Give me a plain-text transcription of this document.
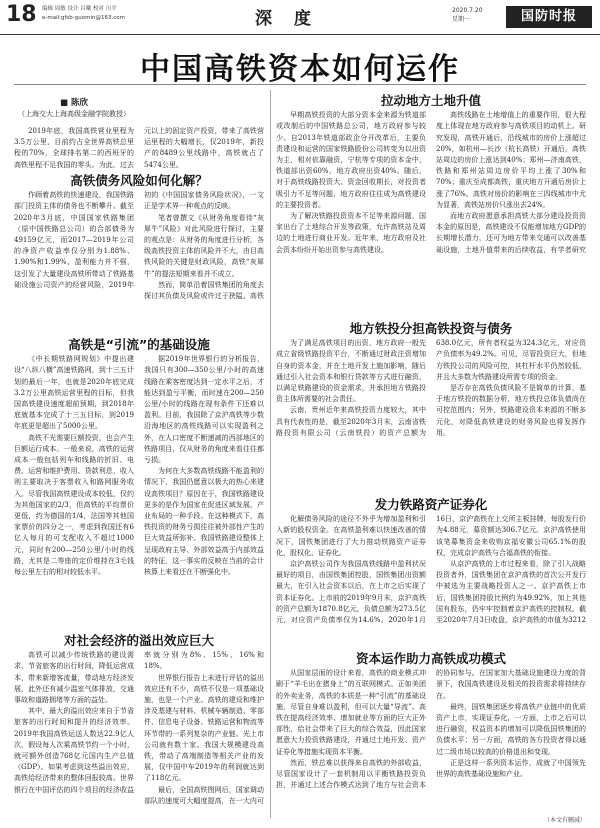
18 编辑 周敏 设计 吕曦 校对 川平
e-mail:gfsb-guomin@163.com	深 度	2020.7.20
星期一	国防时报
中国高铁资本如何运作
■ 陈欣
（上海交大上海高级金融学院教授）

2019年底，我国高铁营业里程为3.5万公里，目前约占全世界高铁总里程的70%，全球排名第二的西班牙的高铁里程不足我国的零头。为此，过去 元以上的固定资产投资，带来了高铁营运里程的大幅增长，仅2019年，新投产的8489公里线路中，高铁就占了5474公里。

高铁债务风险如何化解？

作顾着高铁的快速建设，我国铁路部门投资主体的债务也不断攀升。截至2020年3月底，中国国家铁路集团（原中国铁路总公司）的合部债务为49159亿元，而2017—2019年公司的净资产收益率仅分别为1.88%、1.90%和1.99%。盈利能力并不强，这引发了大量建设高铁所带动了铁路基础设施公司资产的经营风险，2019年初的《中国国家债务风险状况》，一文正是学术界一种观点的反映。

笔者曾撰文《从财务角度看待“灰犀牛”风险》对此风险进行探讨，主要的观点是：从财务的角度进行分析，各级高铁投资主体的风险并不大，由目高铁风险的关键是财政风险，高铁“灰犀牛”的提法短期来看并不成立。

然而，简单沿着国铁集团的角度去探讨其负债及风险或许过于狭隘。高铁

高铁是“引流”的基础设施

《中长期铁路网规划》中提出建设“八纵八横”高速铁路网，到十三五计划的最后一年，也就是2020年底完成3.2万公里高铁运营里程的目标，但我国高铁建设速度超前预期，到2018年底就基本完成了十三五目标，到2019年底更是超出了5000公里。

高铁不光需要巨额投资，也会产生巨额运行成本。一般来说，高铁的运营成本一般包括列车和线路的折旧、电费、运营和维护费用、贷款利息，收入则主要取决于客票收入和路网服务收入。尽管我国高铁建设成本较低，仅约为其他国家的2/3，但高铁的平均票价更低，约为德国的1/4，法国等其他国家票价的四分之一，考虑到我国还有6亿人每月的可支配收入不超过1000元，同时有200—250公里/小时的线路，尤其是二等座的定价维持在3毛钱每公里左右的相对较低水平。

据2019年世界银行的分析报告，我国只有300—350公里/小时的高速线路在乘客密度达到一定水平之后，才能达到盈亏平衡，而时速在200—250公里/小时的线路在现有条件下还难以盈利。目前，我国除了京沪高铁等少数沿海地区的高铁线路可以实现盈利之外，在人口密度不断递减的西部地区的铁路项目，仅从财务的角度来看往往都亏损。

为何在大多数高铁线路不能盈利的情况下，我国仍愿意以极大的热心来建设高铁项目？原因在于，我国铁路建设更多的是作为国家在促进区域发展、产业布局的一种手段。在这种模式下，高铁投资的财务亏损往往被外部性产生的巨大效益所弥补。我国铁路建设整体上呈现政府主导、外部效益高于内部效益的特征，这一事实的反映在当前的会计核算上来看还在不断强化中。

对社会经济的溢出效应巨大

高铁可以减少传统铁路的建设需求，节省旅客的出行时间，降低运营成本，带来新增客流量，带动地方经济发展，此外还有减少温室气体排放，交通事故和道路拥堵等方面的益处。

其中，最大的溢出效应来自于节省旅客的出行时间和提升的经济效率。2019年我国高铁运送人数达22.9亿人次，假设每人次乘高铁节约一个小时，就可额外创造768亿元国内生产总值（GDP）。如果考虑到这些溢出效应，高铁给经济带来的整体回报较高。世界银行在中国评估的四个项目的经济收益率就分别为8%、15%、16%和18%。

世界银行报告上未进行评估的溢出效应还有不少，高铁不仅是一项基础设施，也是一个产业。高铁的建设和维护涉及基建与材料、机械车辆制造、零部件、信息电子设备、铁路运营和物流等环节带的一系列复杂的产业链。光上市公司就有数十家。我国大规模建设高铁，带动了高端制造等相关产业的发展，仅中国中车2019年的利润就达到了118亿元。

最后，全国高铁图网后，国家调动部队的速度可大幅度提高，在一大内可

拉动地方土地升值

早期高铁投资的大部分资本金来源为铁道部或改制后的中国铁路总公司，地方政府参与较少。自2013年铁道部政企分开改革后，主要负责建设和运营的国家铁路股份公司转变为以出资为主，相对依靠融资，宁杭等专项的资本金中，铁道部出资60%，地方政府出资40%。随后，对于高铁线路投资大、资金回收期长，对投资者吸引力不足等问题，地方政府往往成为高铁建设的主要投资者。

为了解决铁路投资资本不足等来源问题，国家出台了土地综合开发等政策，允许高铁站及周边的土地进行商业开发。近年来，地方政府及社会资本纷纷开始出资参与高铁建设。

高铁线路在土地增值上的重要作用，很大程度上体现在地方政府参与高铁项目的动机上。研究发现，高铁开通后，沿线城市的房价上涨超过20%，如杭州—长沙（杭长高铁）开通后，高铁站周边的房价上涨达到40%；郑州—济南高铁，铁路和郑州站周边房价平均上涨了30%和70%；重庆至成都高铁，重庆地方开通后房价上涨了76%。高铁对房价的影响在三四线城市中尤为显著，高铁站房价只涨出去24%。

而地方政府愿意承担高铁大部分建设投资资本金的原因是，高铁建设不仅能增加地方GDP的长期增长潜力，还可为地方带来交通可以改善基础设施，土地升值带来的后续收益，有学者研究

地方铁投分担高铁投资与债务

为了满足高铁项目的出资，地方政府一般先成立省级铁路投资平台，不断通过财政注资增加自身的资本金，并在土地开发上施加影响，随后通过引入社会资本和银行贷款等方式进行融资，以满足铁路建设的资金需求，并承担地方铁路投资主体所需要的社会责任。

云南，贵州近年来高铁投资力度较大，其中具有代表性的是，截至2020年3月末，云南省铁路投资有限公司（云南铁投）的资产总额为638.0亿元，所有者权益为324.3亿元，对应资产负债率为49.2%。可见，尽管投资巨大，但地方铁投公司的风险可控，其杠杆水平仍然较低，并且大多数为铁路建设所需专项的资金。

是否存在高铁负债风险不是简单的计算，基于地方铁投的数据分析，地方铁投总体负债尚在可控范围内；另外，铁路建设资本来源的不断多元化，对降低高铁建设的财务风险也将发挥作用。

发力铁路资产证券化

化解债务风险的途径不外乎为增加盈利和引入新的股权资金。在高铁盈利难以快速改善的情况下，国铁集团进行了大力推动铁路资产证券化，股权化、证券化。

京沪高铁公司作为我国高铁线路中盈利状况最好的项目，由国铁集团控股，国铁集团出资额最大，在引入社会资本以后，在上市之后实现了资本证券化。上市前的2019年9月末，京沪高铁的资产总额为1870.8亿元，负债总额为273.5亿元，对应资产负债率仅为14.6%。2020年1月16日，京沪高铁在上交所主板挂牌，每股发行价为4.88元，募资额达306.7亿元。京沪高铁使用该笔募集资金来收购京福安徽公司65.1%的股权，完成京沪高铁与合福高铁的衔接。

从京沪高铁的上市过程来看，除了引入战略投资者外，国铁集团在京沪高铁的首次公开发行中被选为主要战略投资人之一。京沪高铁上市后，国铁集团持股比例约为49.92%，加上其他国有股东，仍牢牢控制着京沪高铁的控制权。截至2020年7月3日收盘，京沪高铁的市值为3212

资本运作助力高铁成功模式

从国家层面的设计来看，高铁的商业模式冲刷于“羊毛出在猪身上”的互联网模式。正如美团的外卖业务，高铁的本质是一种“引流”的基础设施，尽管自身难以盈利，但可以大量“导流”。高铁在提高经济效率、增加就业等方面的巨大正外部性，给社会带来了巨大的综合效益，因此国家愿意大力投资铁路建设，并通过土地开发、资产证券化等措施实现资本平衡。

然而，铁总难以获得来自高铁的外部收益，尽管国家设计了一套机制用以平衡铁路投资负担，并通过上述合作模式达到了地方与社会资本的协同参与。在国家加大基础设施建设力度的背景下，我国高铁建设及相关的投资需求将持续存在。

最终，国铁集团逐步将高铁产业链中的优质资产上市，实现证券化，一方面，上市之后可以进行融资，权益资本的增加可以降低国铁集团的负债水平；另一方面，高铁的各方投资者得以通过二级市场以较高的价格退出和变现。

正是这样一系列资本运作，成就了中国领先世界的高铁基础设施和产业。

（本文有删减）
